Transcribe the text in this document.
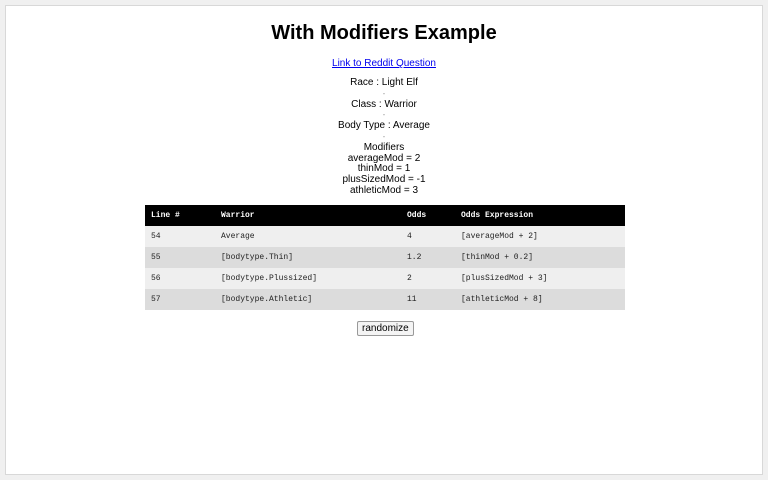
With Modifiers Example
Link to Reddit Question
Race : Light Elf
-
Class : Warrior
-
Body Type : Average
-
Modifiers
averageMod = 2
thinMod = 1
plusSizedMod = -1
athleticMod = 3
Line #	Warrior	Odds	Odds Expression
54	Average	4	[averageMod + 2]
55	[bodytype.Thin]	1.2	[thinMod + 0.2]
56	[bodytype.Plussized]	2	[plusSizedMod + 3]
57	[bodytype.Athletic]	11	[athleticMod + 8]
randomize
